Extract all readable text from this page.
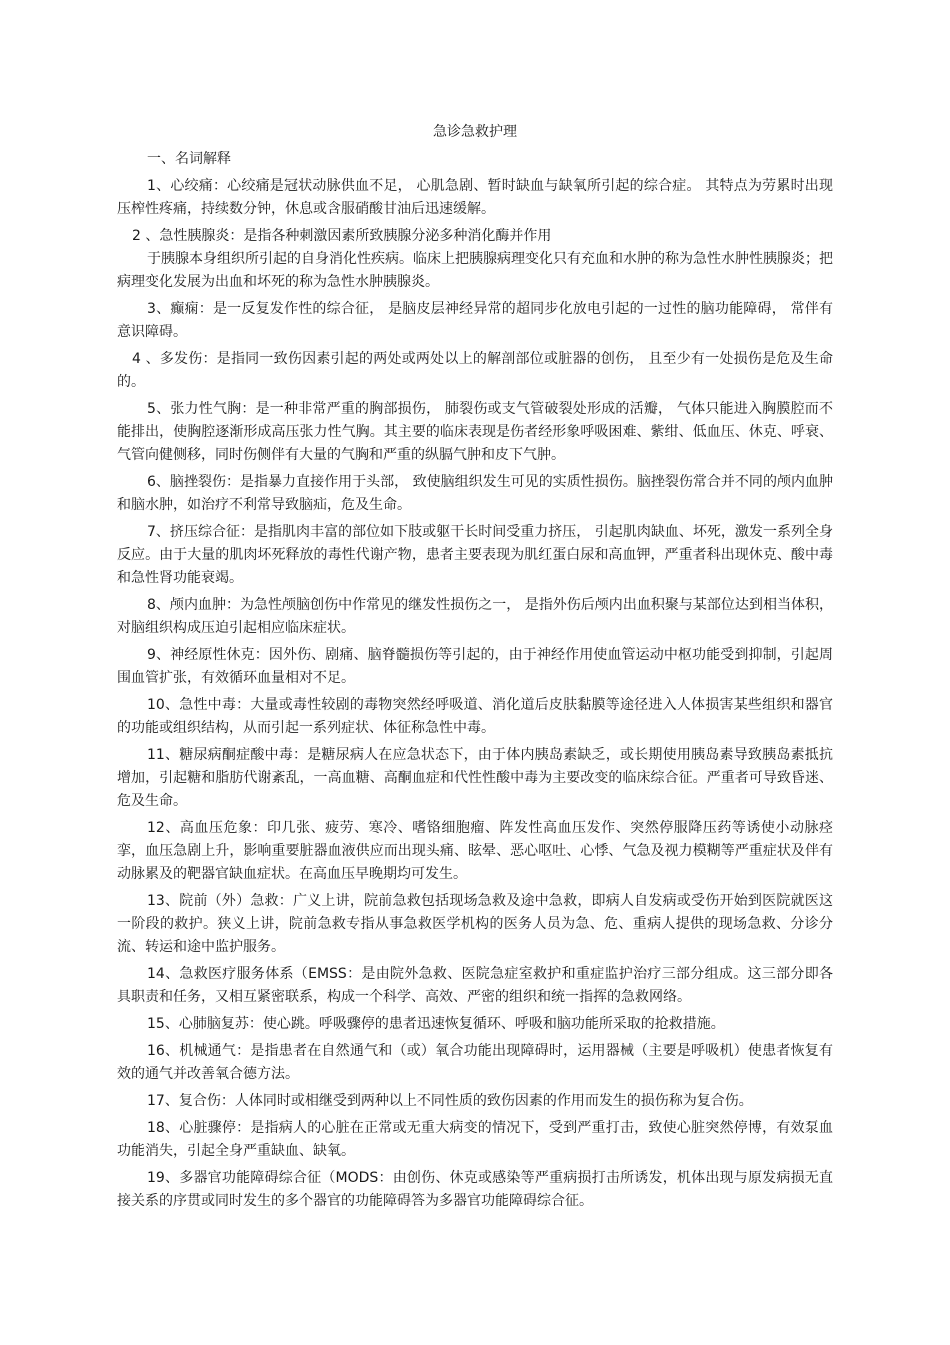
急诊急救护理
一、名词解释
1、心绞痛：心绞痛是冠状动脉供血不足， 心肌急剧、暂时缺血与缺氧所引起的综合症。 其特点为劳累时出现压榨性疼痛，持续数分钟，休息或含服硝酸甘油后迅速缓解。
2 、急性胰腺炎：是指各种刺激因素所致胰腺分泌多种消化酶并作用
于胰腺本身组织所引起的自身消化性疾病。临床上把胰腺病理变化只有充血和水肿的称为急性水肿性胰腺炎；把病理变化发展为出血和坏死的称为急性水肿胰腺炎。
3、癫痫：是一反复发作性的综合征， 是脑皮层神经异常的超同步化放电引起的一过性的脑功能障碍， 常伴有意识障碍。
4 、多发伤：是指同一致伤因素引起的两处或两处以上的解剖部位或脏器的创伤， 且至少有一处损伤是危及生命的。
5、张力性气胸：是一种非常严重的胸部损伤， 肺裂伤或支气管破裂处形成的活瓣， 气体只能进入胸膜腔而不能排出，使胸腔逐渐形成高压张力性气胸。其主要的临床表现是伤者经形象呼吸困难、紫绀、低血压、休克、呼衰、气管向健侧移，同时伤侧伴有大量的气胸和严重的纵膈气肿和皮下气肿。
6、脑挫裂伤：是指暴力直接作用于头部， 致使脑组织发生可见的实质性损伤。脑挫裂伤常合并不同的颅内血肿和脑水肿，如治疗不利常导致脑疝，危及生命。
7、挤压综合征：是指肌肉丰富的部位如下肢或躯干长时间受重力挤压， 引起肌肉缺血、坏死，激发一系列全身反应。由于大量的肌肉坏死释放的毒性代谢产物，患者主要表现为肌红蛋白尿和高血钾，严重者科出现休克、酸中毒和急性肾功能衰竭。
8、颅内血肿：为急性颅脑创伤中作常见的继发性损伤之一， 是指外伤后颅内出血积聚与某部位达到相当体积，对脑组织构成压迫引起相应临床症状。
9、神经原性休克：因外伤、剧痛、脑脊髓损伤等引起的，由于神经作用使血管运动中枢功能受到抑制，引起周围血管扩张，有效循环血量相对不足。
10、急性中毒：大量或毒性较剧的毒物突然经呼吸道、消化道后皮肤黏膜等途径进入人体损害某些组织和器官的功能或组织结构，从而引起一系列症状、体征称急性中毒。
11、糖尿病酮症酸中毒：是糖尿病人在应急状态下，由于体内胰岛素缺乏，或长期使用胰岛素导致胰岛素抵抗增加，引起糖和脂肪代谢紊乱，一高血糖、高酮血症和代性性酸中毒为主要改变的临床综合征。严重者可导致昏迷、危及生命。
12、高血压危象：印几张、疲劳、寒冷、嗜铬细胞瘤、阵发性高血压发作、突然停服降压药等诱使小动脉痉挛，血压急剧上升，影响重要脏器血液供应而出现头痛、眩晕、恶心呕吐、心悸、气急及视力模糊等严重症状及伴有动脉累及的靶器官缺血症状。在高血压早晚期均可发生。
13、院前（外）急救：广义上讲，院前急救包括现场急救及途中急救，即病人自发病或受伤开始到医院就医这一阶段的救护。狭义上讲，院前急救专指从事急救医学机构的医务人员为急、危、重病人提供的现场急救、分诊分流、转运和途中监护服务。
14、急救医疗服务体系（EMSS：是由院外急救、医院急症室救护和重症监护治疗三部分组成。这三部分即各具职责和任务，又相互紧密联系，构成一个科学、高效、严密的组织和统一指挥的急救网络。
15、心肺脑复苏：使心跳。呼吸骤停的患者迅速恢复循环、呼吸和脑功能所采取的抢救措施。
16、机械通气：是指患者在自然通气和（或）氧合功能出现障碍时，运用器械（主要是呼吸机）使患者恢复有效的通气并改善氧合德方法。
17、复合伤：人体同时或相继受到两种以上不同性质的致伤因素的作用而发生的损伤称为复合伤。
18、心脏骤停：是指病人的心脏在正常或无重大病变的情况下，受到严重打击，致使心脏突然停博，有效泵血功能消失，引起全身严重缺血、缺氧。
19、多器官功能障碍综合征（MODS：由创伤、休克或感染等严重病损打击所诱发，机体出现与原发病损无直接关系的序贯或同时发生的多个器官的功能障碍答为多器官功能障碍综合征。
